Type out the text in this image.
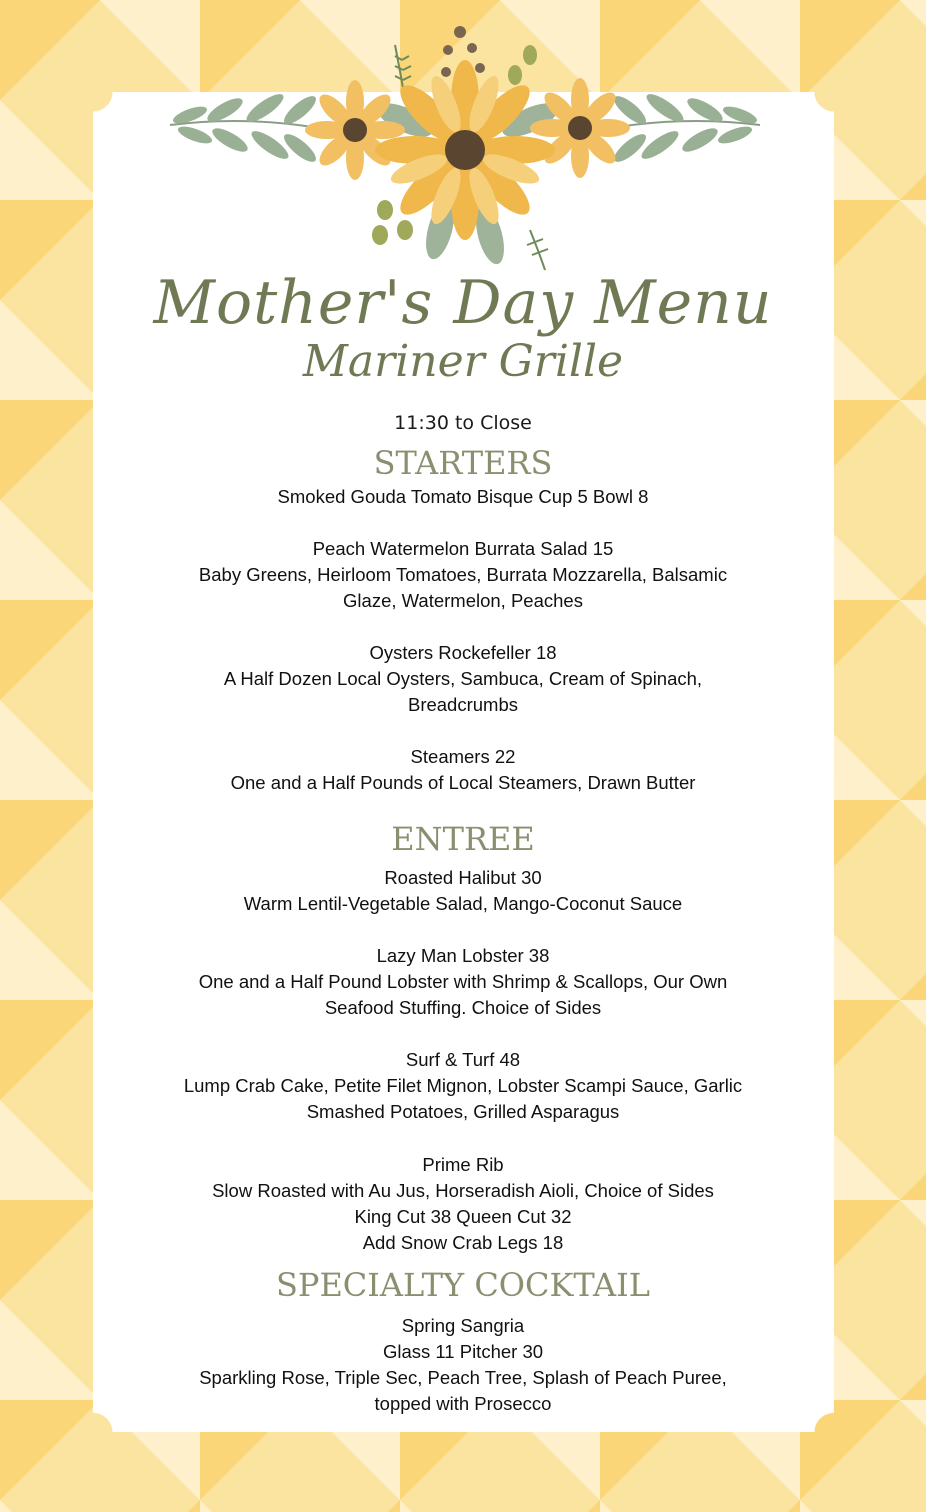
Mother's Day Menu
Mariner Grille
11:30 to Close
STARTERS
Smoked Gouda Tomato Bisque Cup 5 Bowl 8
Peach Watermelon Burrata Salad 15
Baby Greens, Heirloom Tomatoes, Burrata Mozzarella, Balsamic
Glaze, Watermelon, Peaches
Oysters Rockefeller 18
A Half Dozen Local Oysters, Sambuca, Cream of Spinach,
Breadcrumbs
Steamers 22
One and a Half Pounds of Local Steamers, Drawn Butter
ENTREE
Roasted Halibut 30
Warm Lentil-Vegetable Salad, Mango-Coconut Sauce
Lazy Man Lobster 38
One and a Half Pound Lobster with Shrimp & Scallops, Our Own
Seafood Stuffing. Choice of Sides
Surf & Turf 48
Lump Crab Cake, Petite Filet Mignon, Lobster Scampi Sauce, Garlic
Smashed Potatoes, Grilled Asparagus
Prime Rib
Slow Roasted with Au Jus, Horseradish Aioli, Choice of Sides
King Cut 38 Queen Cut 32
Add Snow Crab Legs 18
SPECIALTY COCKTAIL
Spring Sangria
Glass 11 Pitcher 30
Sparkling Rose, Triple Sec, Peach Tree, Splash of Peach Puree,
topped with Prosecco
